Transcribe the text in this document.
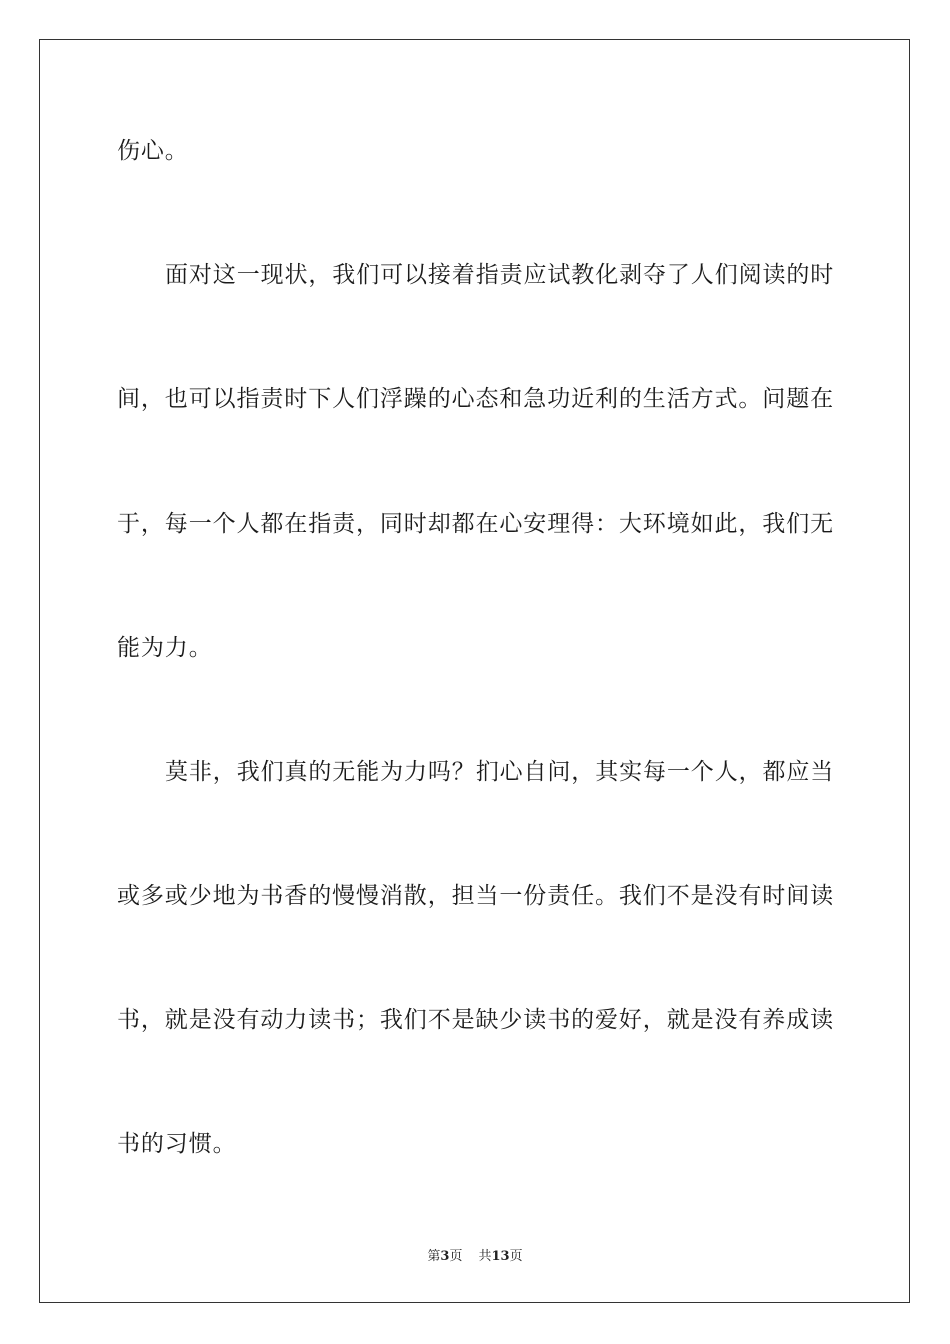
伤心。
面对这一现状，我们可以接着指责应试教化剥夺了人们阅读的时
间，也可以指责时下人们浮躁的心态和急功近利的生活方式。问题在
于，每一个人都在指责，同时却都在心安理得：大环境如此，我们无
能为力。
莫非，我们真的无能为力吗？扪心自问，其实每一个人，都应当
或多或少地为书香的慢慢消散，担当一份责任。我们不是没有时间读
书，就是没有动力读书；我们不是缺少读书的爱好，就是没有养成读
书的习惯。
第3页 共13页
